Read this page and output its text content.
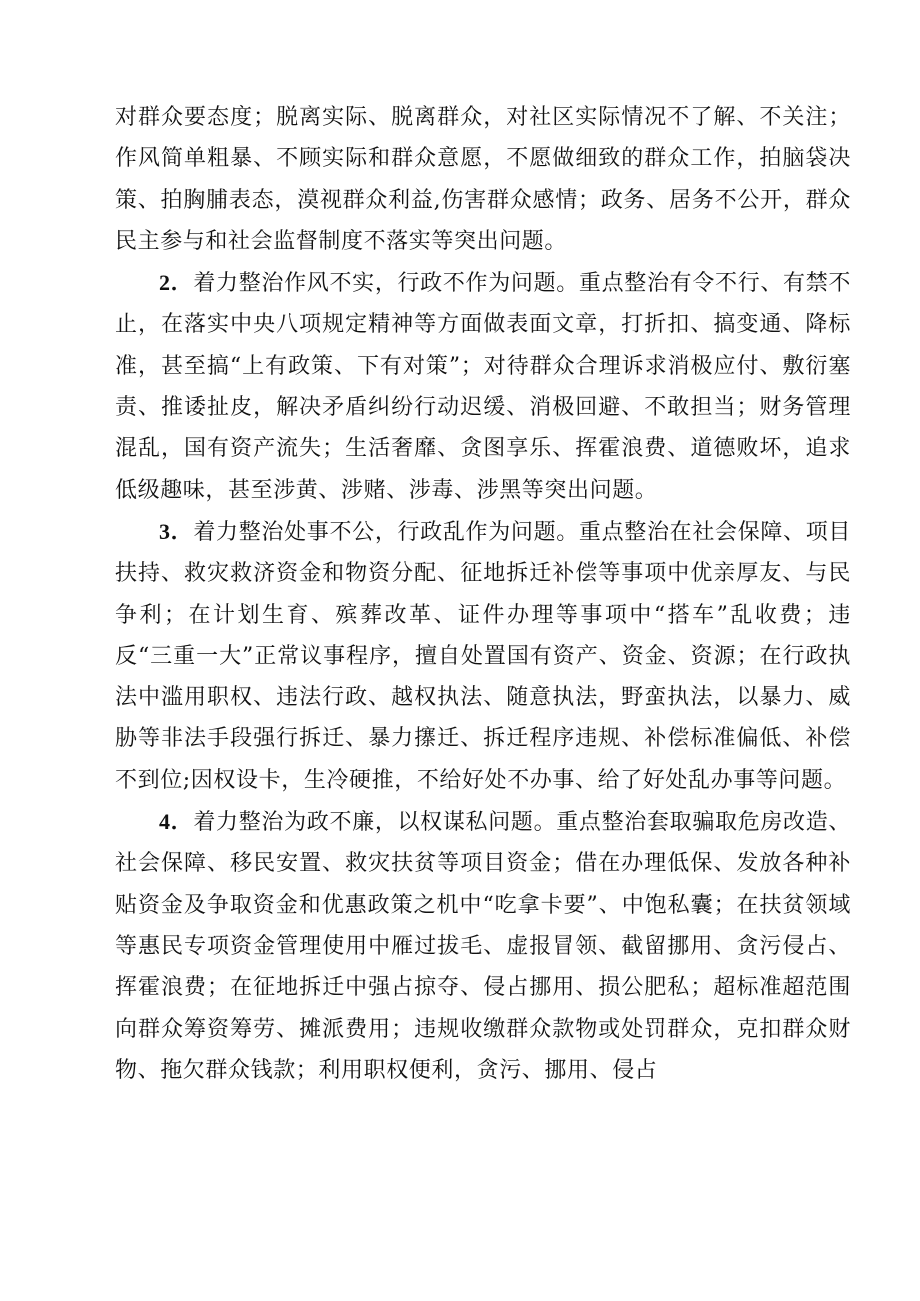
对群众要态度；脱离实际、脱离群众，对社区实际情况不了解、不关注；作风简单粗暴、不顾实际和群众意愿，不愿做细致的群众工作，拍脑袋决策、拍胸脯表态，漠视群众利益,伤害群众感情；政务、居务不公开，群众民主参与和社会监督制度不落实等突出问题。

2．着力整治作风不实，行政不作为问题。重点整治有令不行、有禁不止，在落实中央八项规定精神等方面做表面文章，打折扣、搞变通、降标准，甚至搞“上有政策、下有对策”；对待群众合理诉求消极应付、敷衍塞责、推诿扯皮，解决矛盾纠纷行动迟缓、消极回避、不敢担当；财务管理混乱，国有资产流失；生活奢靡、贪图享乐、挥霍浪费、道德败坏，追求低级趣味，甚至涉黄、涉赌、涉毒、涉黑等突出问题。

3．着力整治处事不公，行政乱作为问题。重点整治在社会保障、项目扶持、救灾救济资金和物资分配、征地拆迁补偿等事项中优亲厚友、与民争利；在计划生育、殡葬改革、证件办理等事项中“搭车”乱收费；违反“三重一大”正常议事程序，擅自处置国有资产、资金、资源；在行政执法中滥用职权、违法行政、越权执法、随意执法，野蛮执法，以暴力、威胁等非法手段强行拆迁、暴力㩟迁、拆迁程序违规、补偿标准偏低、补偿不到位;因权设卡，生冷硬推，不给好处不办事、给了好处乱办事等问题。

4．着力整治为政不廉，以权谋私问题。重点整治套取骗取危房改造、社会保障、移民安置、救灾扶贫等项目资金；借在办理低保、发放各种补贴资金及争取资金和优惠政策之机中“吃拿卡要”、中饱私囊；在扶贫领域等惠民专项资金管理使用中雁过拔毛、虚报冒领、截留挪用、贪污侵占、挥霍浪费；在征地拆迁中强占掠夺、侵占挪用、损公肥私；超标准超范围向群众筹资筹劳、摊派费用；违规收缴群众款物或处罚群众，克扣群众财物、拖欠群众钱款；利用职权便利，贪污、挪用、侵占
